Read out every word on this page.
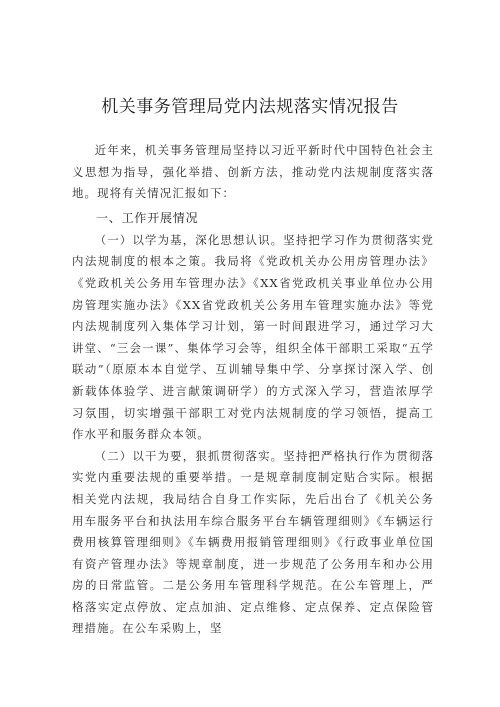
机关事务管理局党内法规落实情况报告

近年来，机关事务管理局坚持以习近平新时代中国特色社会主义思想为指导，强化举措、创新方法，推动党内法规制度落实落地。现将有关情况汇报如下：

一、工作开展情况

（一）以学为基，深化思想认识。坚持把学习作为贯彻落实党内法规制度的根本之策。我局将《党政机关办公用房管理办法》《党政机关公务用车管理办法》《XX省党政机关事业单位办公用房管理实施办法》《XX省党政机关公务用车管理实施办法》等党内法规制度列入集体学习计划，第一时间跟进学习，通过学习大讲堂、“三会一课”、集体学习会等，组织全体干部职工采取“五学联动”（原原本本自觉学、互训辅导集中学、分享探讨深入学、创新载体体验学、进言献策调研学）的方式深入学习，营造浓厚学习氛围，切实增强干部职工对党内法规制度的学习领悟，提高工作水平和服务群众本领。

（二）以干为要，狠抓贯彻落实。坚持把严格执行作为贯彻落实党内重要法规的重要举措。一是规章制度制定贴合实际。根据相关党内法规，我局结合自身工作实际，先后出台了《机关公务用车服务平台和执法用车综合服务平台车辆管理细则》《车辆运行费用核算管理细则》《车辆费用报销管理细则》《行政事业单位国有资产管理办法》等规章制度，进一步规范了公务用车和办公用房的日常监管。二是公务用车管理科学规范。在公车管理上，严格落实定点停放、定点加油、定点维修、定点保养、定点保险管理措施。在公车采购上，坚
